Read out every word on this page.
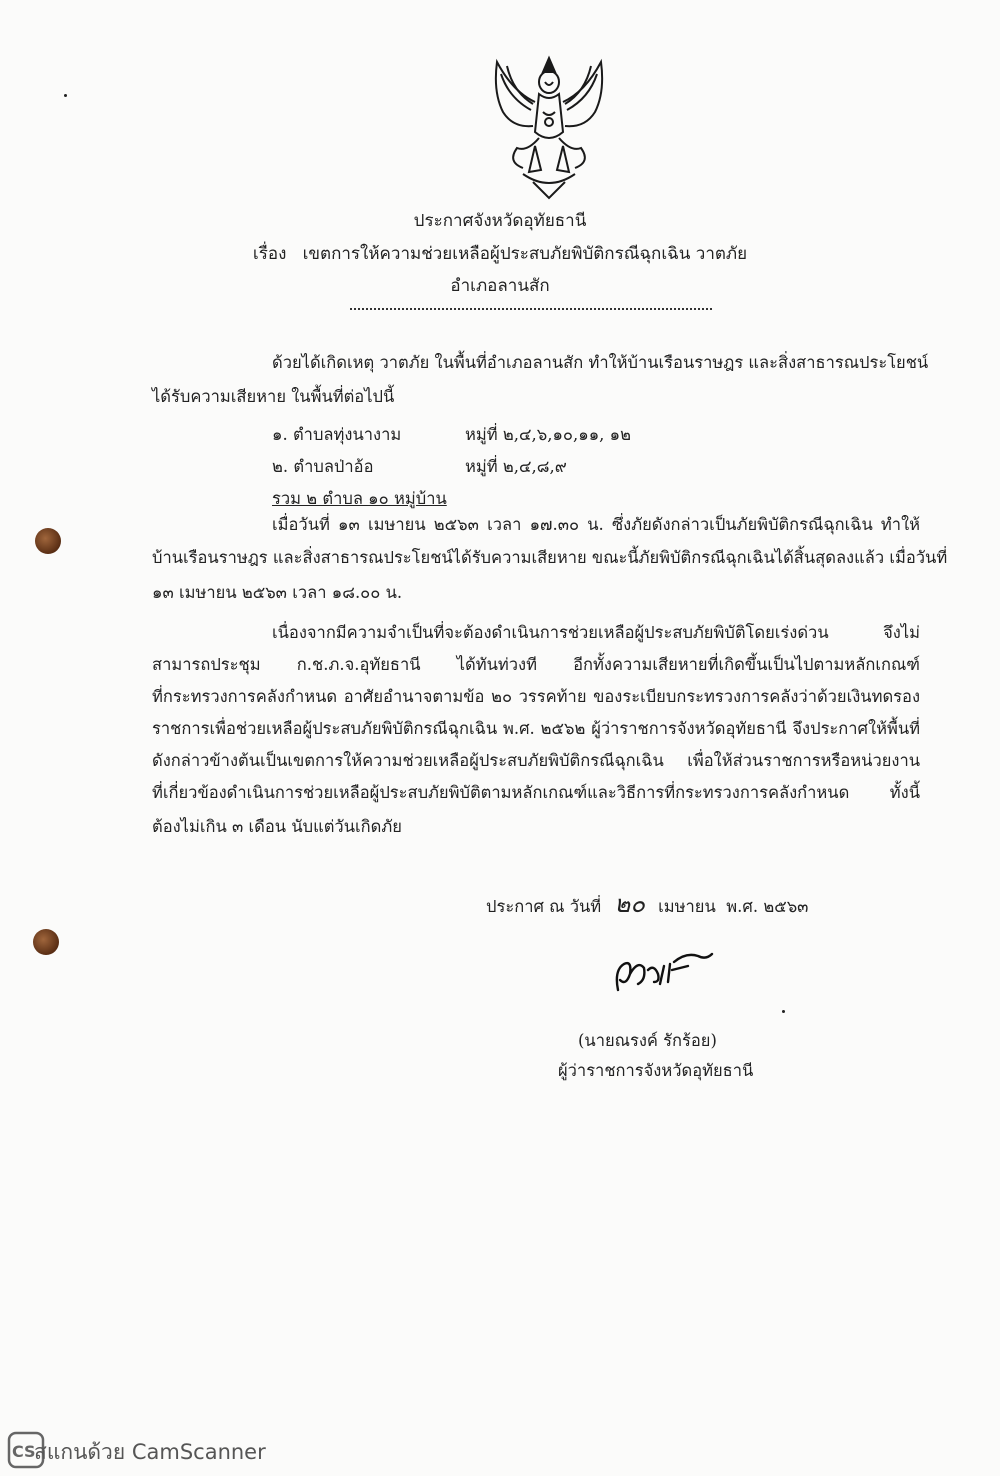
ประกาศจังหวัดอุทัยธานี
เรื่อง เขตการให้ความช่วยเหลือผู้ประสบภัยพิบัติกรณีฉุกเฉิน วาตภัย
อำเภอลานสัก
ด้วยได้เกิดเหตุ วาตภัย ในพื้นที่อำเภอลานสัก ทำให้บ้านเรือนราษฎร และสิ่งสาธารณประโยชน์
ได้รับความเสียหาย ในพื้นที่ต่อไปนี้
๑. ตำบลทุ่งนางาม	หมู่ที่ ๒,๔,๖,๑๐,๑๑, ๑๒
๒. ตำบลป่าอ้อ	หมู่ที่ ๒,๔,๘,๙
รวม ๒ ตำบล ๑๐ หมู่บ้าน
เมื่อวันที่ ๑๓ เมษายน ๒๕๖๓ เวลา ๑๗.๓๐ น. ซึ่งภัยดังกล่าวเป็นภัยพิบัติกรณีฉุกเฉิน ทำให้
บ้านเรือนราษฎร และสิ่งสาธารณประโยชน์ได้รับความเสียหาย ขณะนี้ภัยพิบัติกรณีฉุกเฉินได้สิ้นสุดลงแล้ว เมื่อวันที่
๑๓ เมษายน ๒๕๖๓ เวลา ๑๘.๐๐ น.
เนื่องจากมีความจำเป็นที่จะต้องดำเนินการช่วยเหลือผู้ประสบภัยพิบัติโดยเร่งด่วน จึงไม่
สามารถประชุม ก.ช.ภ.จ.อุทัยธานี ได้ทันท่วงที อีกทั้งความเสียหายที่เกิดขึ้นเป็นไปตามหลักเกณฑ์
ที่กระทรวงการคลังกำหนด อาศัยอำนาจตามข้อ ๒๐ วรรคท้าย ของระเบียบกระทรวงการคลังว่าด้วยเงินทดรอง
ราชการเพื่อช่วยเหลือผู้ประสบภัยพิบัติกรณีฉุกเฉิน พ.ศ. ๒๕๖๒ ผู้ว่าราชการจังหวัดอุทัยธานี จึงประกาศให้พื้นที่
ดังกล่าวข้างต้นเป็นเขตการให้ความช่วยเหลือผู้ประสบภัยพิบัติกรณีฉุกเฉิน เพื่อให้ส่วนราชการหรือหน่วยงาน
ที่เกี่ยวข้องดำเนินการช่วยเหลือผู้ประสบภัยพิบัติตามหลักเกณฑ์และวิธีการที่กระทรวงการคลังกำหนด ทั้งนี้
ต้องไม่เกิน ๓ เดือน นับแต่วันเกิดภัย
ประกาศ ณ วันที่ ๒๐ เมษายน พ.ศ. ๒๕๖๓
(นายณรงค์ รักร้อย)
ผู้ว่าราชการจังหวัดอุทัยธานี
CS
สแกนด้วย CamScanner
